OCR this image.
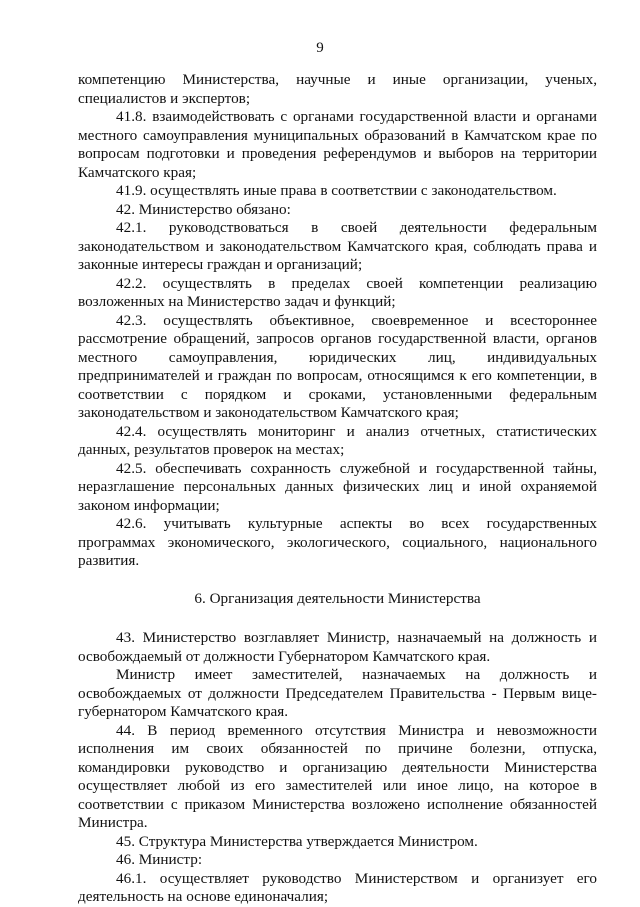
9

компетенцию Министерства, научные и иные организации, ученых, специалистов и экспертов;

41.8. взаимодействовать с органами государственной власти и органами местного самоуправления муниципальных образований в Камчатском крае по вопросам подготовки и проведения референдумов и выборов на территории Камчатского края;

41.9. осуществлять иные права в соответствии с законодательством.

42. Министерство обязано:

42.1. руководствоваться в своей деятельности федеральным законодательством и законодательством Камчатского края, соблюдать права и законные интересы граждан и организаций;

42.2. осуществлять в пределах своей компетенции реализацию возложенных на Министерство задач и функций;

42.3. осуществлять объективное, своевременное и всестороннее рассмотрение обращений, запросов органов государственной власти, органов местного самоуправления, юридических лиц, индивидуальных предпринимателей и граждан по вопросам, относящимся к его компетенции, в соответствии с порядком и сроками, установленными федеральным законодательством и законодательством Камчатского края;

42.4. осуществлять мониторинг и анализ отчетных, статистических данных, результатов проверок на местах;

42.5. обеспечивать сохранность служебной и государственной тайны, неразглашение персональных данных физических лиц и иной охраняемой законом информации;

42.6. учитывать культурные аспекты во всех государственных программах экономического, экологического, социального, национального развития.

6. Организация деятельности Министерства

43. Министерство возглавляет Министр, назначаемый на должность и освобождаемый от должности Губернатором Камчатского края.

Министр имеет заместителей, назначаемых на должность и освобождаемых от должности Председателем Правительства - Первым вице-губернатором Камчатского края.

44. В период временного отсутствия Министра и невозможности исполнения им своих обязанностей по причине болезни, отпуска, командировки руководство и организацию деятельности Министерства осуществляет любой из его заместителей или иное лицо, на которое в соответствии с приказом Министерства возложено исполнение обязанностей Министра.

45. Структура Министерства утверждается Министром.

46. Министр:

46.1. осуществляет руководство Министерством и организует его деятельность на основе единоначалия;
